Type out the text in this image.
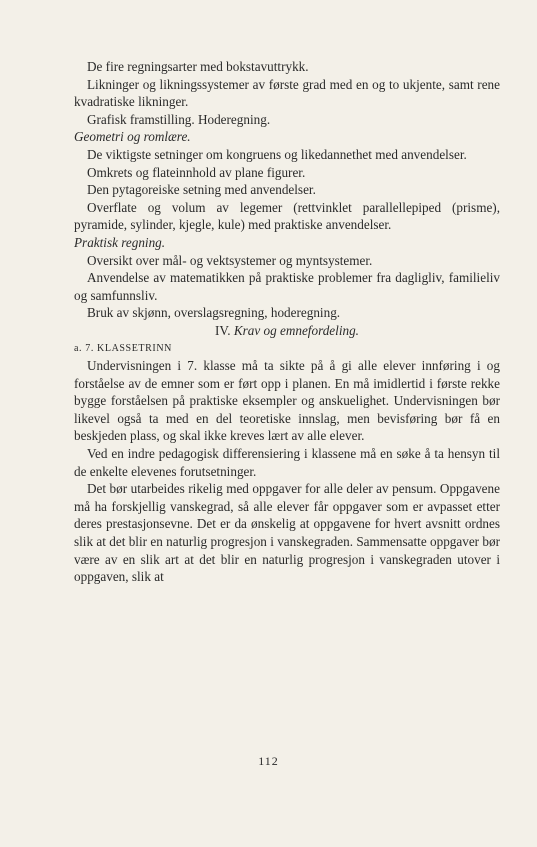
De fire regningsarter med bokstavuttrykk.

Likninger og likningssystemer av første grad med en og to ukjente, samt rene kvadratiske likninger.

Grafisk framstilling. Hoderegning.

Geometri og romlære.

De viktigste setninger om kongruens og likedannethet med anvendelser.

Omkrets og flateinnhold av plane figurer.

Den pytagoreiske setning med anvendelser.

Overflate og volum av legemer (rettvinklet parallellepiped (prisme), pyramide, sylinder, kjegle, kule) med praktiske anvendelser.

Praktisk regning.

Oversikt over mål- og vektsystemer og myntsystemer.

Anvendelse av matematikken på praktiske problemer fra dagligliv, familieliv og samfunnsliv.

Bruk av skjønn, overslagsregning, hoderegning.

IV. Krav og emnefordeling.

a. 7. KLASSETRINN

Undervisningen i 7. klasse må ta sikte på å gi alle elever innføring i og forståelse av de emner som er ført opp i planen. En må imidlertid i første rekke bygge forståelsen på praktiske eksempler og anskuelighet. Undervisningen bør likevel også ta med en del teoretiske innslag, men bevisføring bør få en beskjeden plass, og skal ikke kreves lært av alle elever.

Ved en indre pedagogisk differensiering i klassene må en søke å ta hensyn til de enkelte elevenes forutsetninger.

Det bør utarbeides rikelig med oppgaver for alle deler av pensum. Oppgavene må ha forskjellig vanskegrad, så alle elever får oppgaver som er avpasset etter deres prestasjonsevne. Det er da ønskelig at oppgavene for hvert avsnitt ordnes slik at det blir en naturlig progresjon i vanskegraden. Sammensatte oppgaver bør være av en slik art at det blir en naturlig progresjon i vanskegraden utover i oppgaven, slik at

112
